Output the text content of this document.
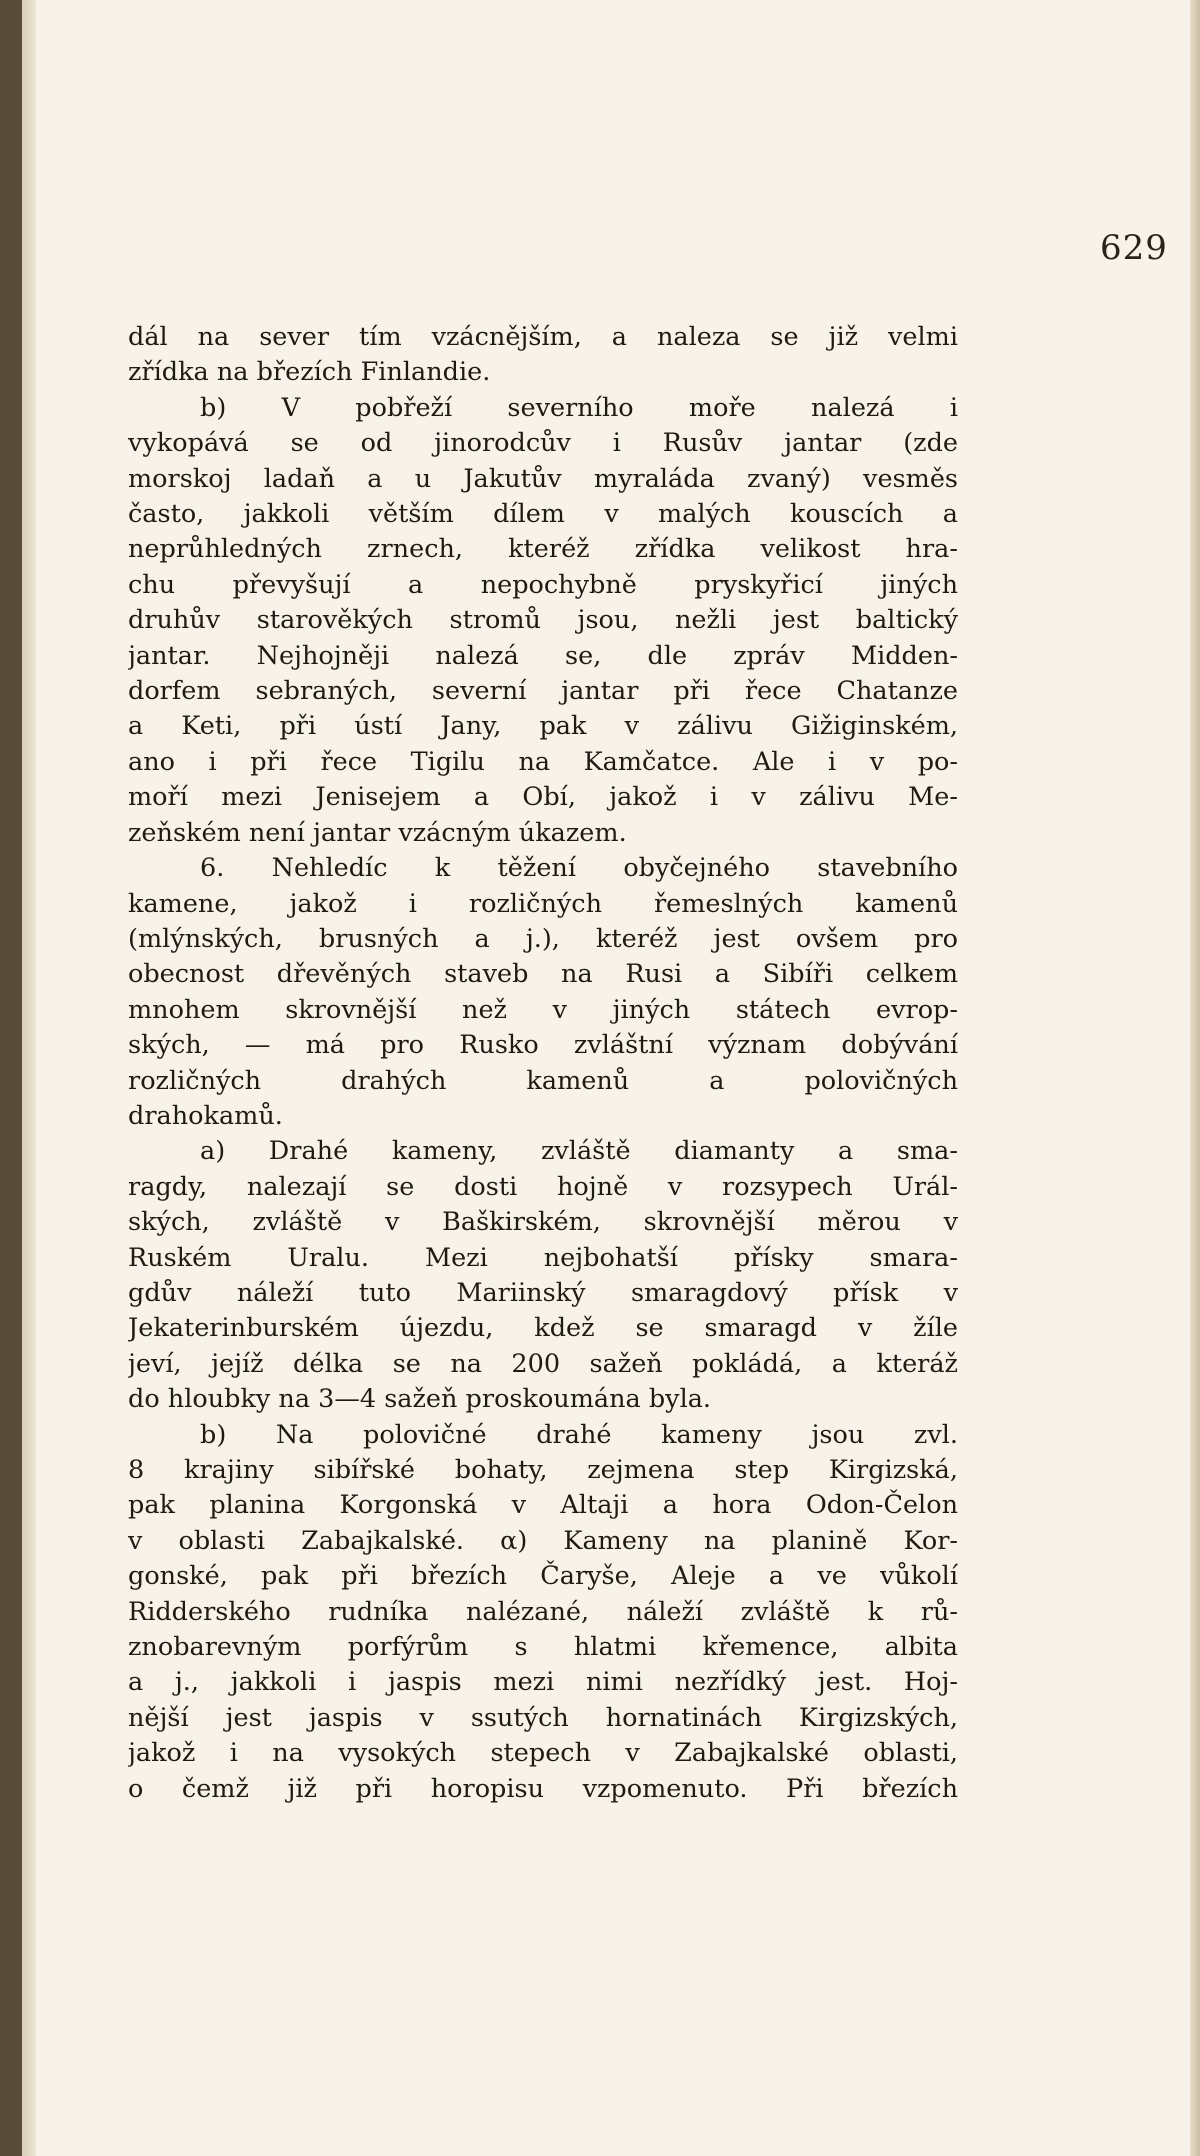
629
dál na sever tím vzácnějším, a naleza se již velmi
zřídka na březích Finlandie.
b) V pobřeží severního moře nalezá i
vykopává se od jinorodcův i Rusův jantar (zde
morskoj ladaň a u Jakutův myraláda zvaný) vesměs
často, jakkoli větším dílem v malých kouscích a
neprůhledných zrnech, kteréž zřídka velikost hra-
chu převyšují a nepochybně pryskyřicí jiných
druhův starověkých stromů jsou, nežli jest baltický
jantar. Nejhojněji nalezá se, dle zpráv Midden-
dorfem sebraných, severní jantar při řece Chatanze
a Keti, při ústí Jany, pak v zálivu Gižiginském,
ano i při řece Tigilu na Kamčatce. Ale i v po-
moří mezi Jenisejem a Obí, jakož i v zálivu Me-
zeňském není jantar vzácným úkazem.
6. Nehledíc k těžení obyčejného stavebního
kamene, jakož i rozličných řemeslných kamenů
(mlýnských, brusných a j.), kteréž jest ovšem pro
obecnost dřevěných staveb na Rusi a Sibíři celkem
mnohem skrovnější než v jiných státech evrop-
ských, — má pro Rusko zvláštní význam dobývání
rozličných drahých kamenů a polovičných
drahokamů.
a) Drahé kameny, zvláště diamanty a sma-
ragdy, nalezají se dosti hojně v rozsypech Urál-
ských, zvláště v Baškirském, skrovnější měrou v
Ruském Uralu. Mezi nejbohatší přísky smara-
gdův náleží tuto Mariinský smaragdový přísk v
Jekaterinburském újezdu, kdež se smaragd v žíle
jeví, jejíž délka se na 200 sažeň pokládá, a kteráž
do hloubky na 3—4 sažeň proskoumána byla.
b) Na polovičné drahé kameny jsou zvl.
8 krajiny sibířské bohaty, zejmena step Kirgizská,
pak planina Korgonská v Altaji a hora Odon-Čelon
v oblasti Zabajkalské. α) Kameny na planině Kor-
gonské, pak při březích Čaryše, Aleje a ve vůkolí
Ridderského rudníka nalézané, náleží zvláště k rů-
znobarevným porfýrům s hlatmi křemence, albita
a j., jakkoli i jaspis mezi nimi nezřídký jest. Hoj-
nější jest jaspis v ssutých hornatinách Kirgizských,
jakož i na vysokých stepech v Zabajkalské oblasti,
o čemž již při horopisu vzpomenuto. Při březích
